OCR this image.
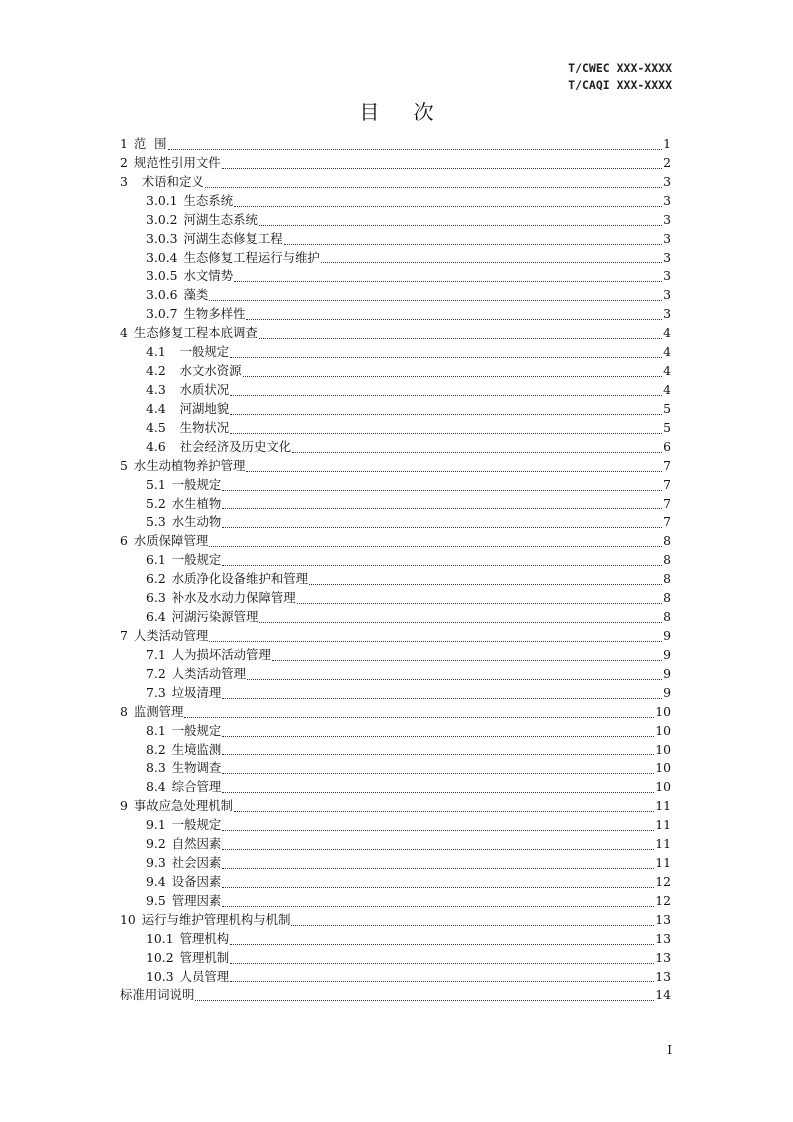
T/CWEC XXX-XXXX
T/CAQI XXX-XXXX
目 次
1 范  围	1
2 规范性引用文件	2
3 术语和定义	3
3.0.1 生态系统	3
3.0.2 河湖生态系统	3
3.0.3 河湖生态修复工程	3
3.0.4 生态修复工程运行与维护	3
3.0.5 水文情势	3
3.0.6 藻类	3
3.0.7 生物多样性	3
4 生态修复工程本底调查	4
4.1 一般规定	4
4.2 水文水资源	4
4.3 水质状况	4
4.4 河湖地貌	5
4.5 生物状况	5
4.6 社会经济及历史文化	6
5 水生动植物养护管理	7
5.1 一般规定	7
5.2 水生植物	7
5.3 水生动物	7
6 水质保障管理	8
6.1 一般规定	8
6.2 水质净化设备维护和管理	8
6.3 补水及水动力保障管理	8
6.4 河湖污染源管理	8
7 人类活动管理	9
7.1 人为损坏活动管理	9
7.2 人类活动管理	9
7.3 垃圾清理	9
8 监测管理	10
8.1 一般规定	10
8.2 生境监测	10
8.3 生物调查	10
8.4 综合管理	10
9 事故应急处理机制	11
9.1 一般规定	11
9.2 自然因素	11
9.3 社会因素	11
9.4 设备因素	12
9.5 管理因素	12
10 运行与维护管理机构与机制	13
10.1 管理机构	13
10.2 管理机制	13
10.3 人员管理	13
标准用词说明	14
I
